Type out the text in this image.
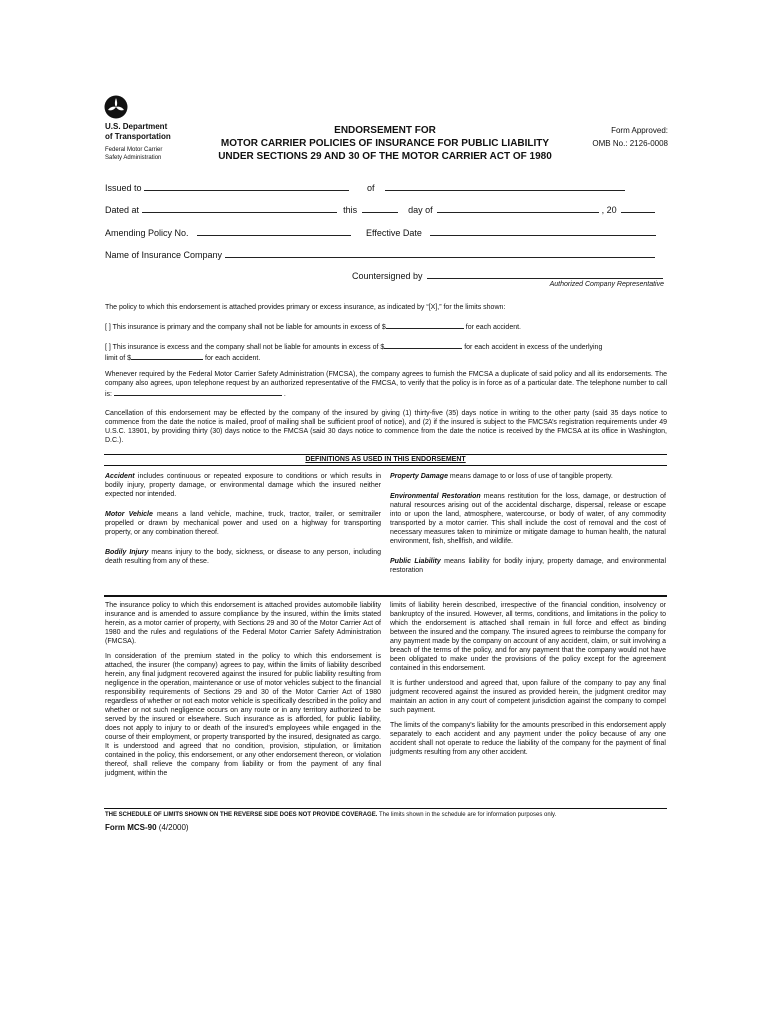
U.S. Department
of Transportation
Federal Motor Carrier
Safety Administration
ENDORSEMENT FOR
MOTOR CARRIER POLICIES OF INSURANCE FOR PUBLIC LIABILITY
UNDER SECTIONS 29 AND 30 OF THE MOTOR CARRIER ACT OF 1980
Form Approved:
OMB No.: 2126-0008
Issued to	of
Dated at	this	day of	, 20
Amending Policy No.	Effective Date
Name of Insurance Company
Countersigned by
Authorized Company Representative
The policy to which this endorsement is attached provides primary or excess insurance, as indicated by “[X],” for the limits shown:
[ ] This insurance is primary and the company shall not be liable for amounts in excess of $	for each accident.
[ ] This insurance is excess and the company shall not be liable for amounts in excess of $	for each accident in excess of the underlying
limit of $	for each accident.
Whenever required by the Federal Motor Carrier Safety Administration (FMCSA), the company agrees to furnish the FMCSA a duplicate of said policy and all its endorsements. The company also agrees, upon telephone request by an authorized representative of the FMCSA, to verify that the policy is in force as of a particular date. The telephone number to call is:	.
Cancellation of this endorsement may be effected by the company of the insured by giving (1) thirty-five (35) days notice in writing to the other party (said 35 days notice to commence from the date the notice is mailed, proof of mailing shall be sufficient proof of notice), and (2) if the insured is subject to the FMCSA’s registration requirements under 49 U.S.C. 13901, by providing thirty (30) days notice to the FMCSA (said 30 days notice to commence from the date the notice is received by the FMCSA at its office in Washington, D.C.).
DEFINITIONS AS USED IN THIS ENDORSEMENT

Accident includes continuous or repeated exposure to conditions or which results in bodily injury, property damage, or environmental damage which the insured neither expected nor intended.

Motor Vehicle means a land vehicle, machine, truck, tractor, trailer, or semitrailer propelled or drawn by mechanical power and used on a highway for transporting property, or any combination thereof.

Bodily Injury means injury to the body, sickness, or disease to any person, including death resulting from any of these.

Property Damage means damage to or loss of use of tangible property.

Environmental Restoration means restitution for the loss, damage, or destruction of natural resources arising out of the accidental discharge, dispersal, release or escape into or upon the land, atmosphere, watercourse, or body of water, of any commodity transported by a motor carrier. This shall include the cost of removal and the cost of necessary measures taken to minimize or mitigate damage to human health, the natural environment, fish, shellfish, and wildlife.

Public Liability means liability for bodily injury, property damage, and environmental restoration

The insurance policy to which this endorsement is attached provides automobile liability insurance and is amended to assure compliance by the insured, within the limits stated herein, as a motor carrier of property, with Sections 29 and 30 of the Motor Carrier Act of 1980 and the rules and regulations of the Federal Motor Carrier Safety Administration (FMCSA).

In consideration of the premium stated in the policy to which this endorsement is attached, the insurer (the company) agrees to pay, within the limits of liability described herein, any final judgment recovered against the insured for public liability resulting from negligence in the operation, maintenance or use of motor vehicles subject to the financial responsibility requirements of Sections 29 and 30 of the Motor Carrier Act of 1980 regardless of whether or not each motor vehicle is specifically described in the policy and whether or not such negligence occurs on any route or in any territory authorized to be served by the insured or elsewhere. Such insurance as is afforded, for public liability, does not apply to injury to or death of the insured's employees while engaged in the course of their employment, or property transported by the insured, designated as cargo. It is understood and agreed that no condition, provision, stipulation, or limitation contained in the policy, this endorsement, or any other endorsement thereon, or violation thereof, shall relieve the company from liability or from the payment of any final judgment, within the

limits of liability herein described, irrespective of the financial condition, insolvency or bankruptcy of the insured. However, all terms, conditions, and limitations in the policy to which the endorsement is attached shall remain in full force and effect as binding between the insured and the company. The insured agrees to reimburse the company for any payment made by the company on account of any accident, claim, or suit involving a breach of the terms of the policy, and for any payment that the company would not have been obligated to make under the provisions of the policy except for the agreement contained in this endorsement.

It is further understood and agreed that, upon failure of the company to pay any final judgment recovered against the insured as provided herein, the judgment creditor may maintain an action in any court of competent jurisdiction against the company to compel such payment.

The limits of the company's liability for the amounts prescribed in this endorsement apply separately to each accident and any payment under the policy because of any one accident shall not operate to reduce the liability of the company for the payment of final judgments resulting from any other accident.

THE SCHEDULE OF LIMITS SHOWN ON THE REVERSE SIDE DOES NOT PROVIDE COVERAGE. The limits shown in the schedule are for information purposes only.
Form MCS-90 (4/2000)
